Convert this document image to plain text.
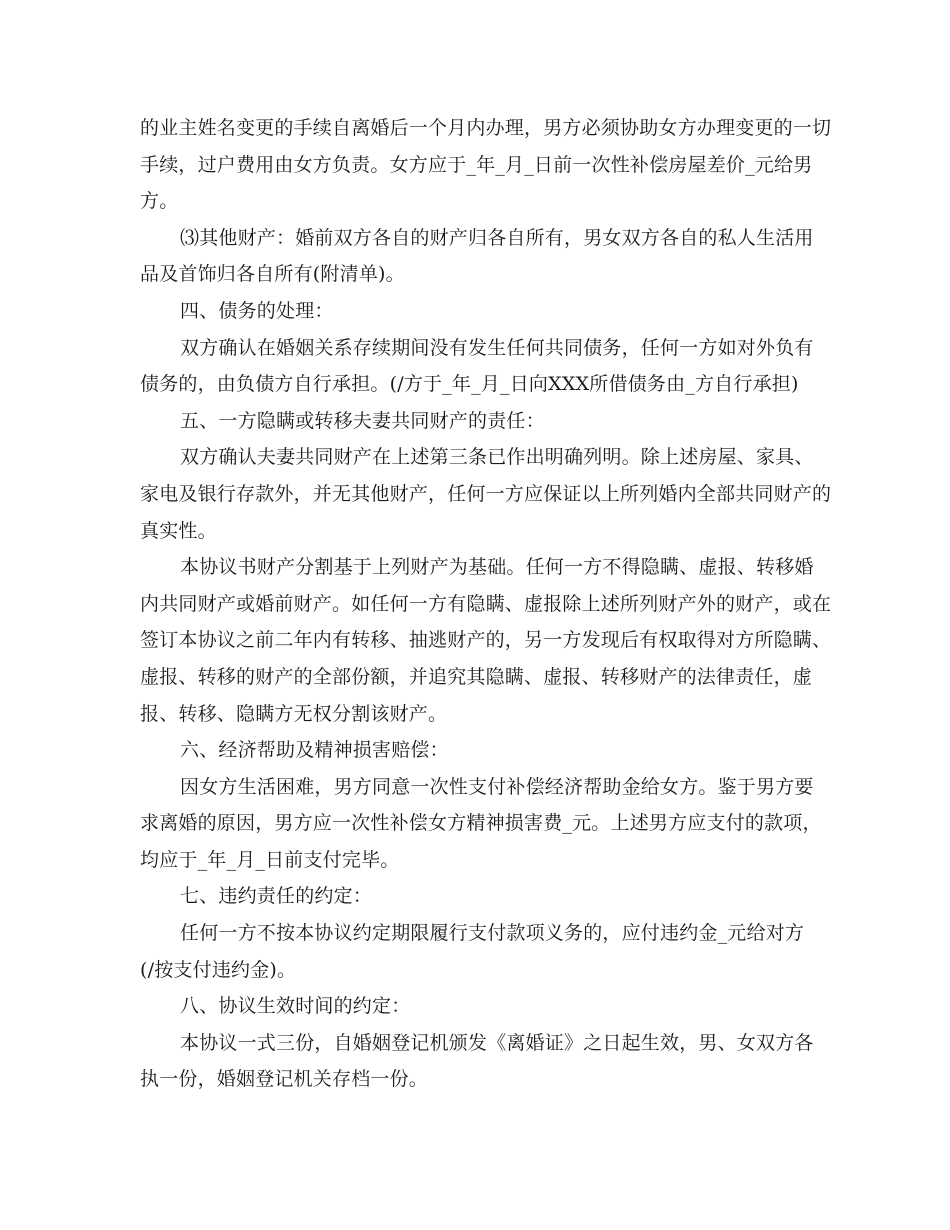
的业主姓名变更的手续自离婚后一个月内办理，男方必须协助女方办理变更的一切
手续，过户费用由女方负责。女方应于_年_月_日前一次性补偿房屋差价_元给男
方。
⑶其他财产：婚前双方各自的财产归各自所有，男女双方各自的私人生活用
品及首饰归各自所有(附清单)。
四、债务的处理：
双方确认在婚姻关系存续期间没有发生任何共同债务，任何一方如对外负有
债务的，由负债方自行承担。(/方于_年_月_日向XXX所借债务由_方自行承担)
五、一方隐瞒或转移夫妻共同财产的责任：
双方确认夫妻共同财产在上述第三条已作出明确列明。除上述房屋、家具、
家电及银行存款外，并无其他财产，任何一方应保证以上所列婚内全部共同财产的
真实性。
本协议书财产分割基于上列财产为基础。任何一方不得隐瞒、虚报、转移婚
内共同财产或婚前财产。如任何一方有隐瞒、虚报除上述所列财产外的财产，或在
签订本协议之前二年内有转移、抽逃财产的，另一方发现后有权取得对方所隐瞒、
虚报、转移的财产的全部份额，并追究其隐瞒、虚报、转移财产的法律责任，虚
报、转移、隐瞒方无权分割该财产。
六、经济帮助及精神损害赔偿：
因女方生活困难，男方同意一次性支付补偿经济帮助金给女方。鉴于男方要
求离婚的原因，男方应一次性补偿女方精神损害费_元。上述男方应支付的款项，
均应于_年_月_日前支付完毕。
七、违约责任的约定：
任何一方不按本协议约定期限履行支付款项义务的，应付违约金_元给对方
(/按支付违约金)。
八、协议生效时间的约定：
本协议一式三份，自婚姻登记机颁发《离婚证》之日起生效，男、女双方各
执一份，婚姻登记机关存档一份。
